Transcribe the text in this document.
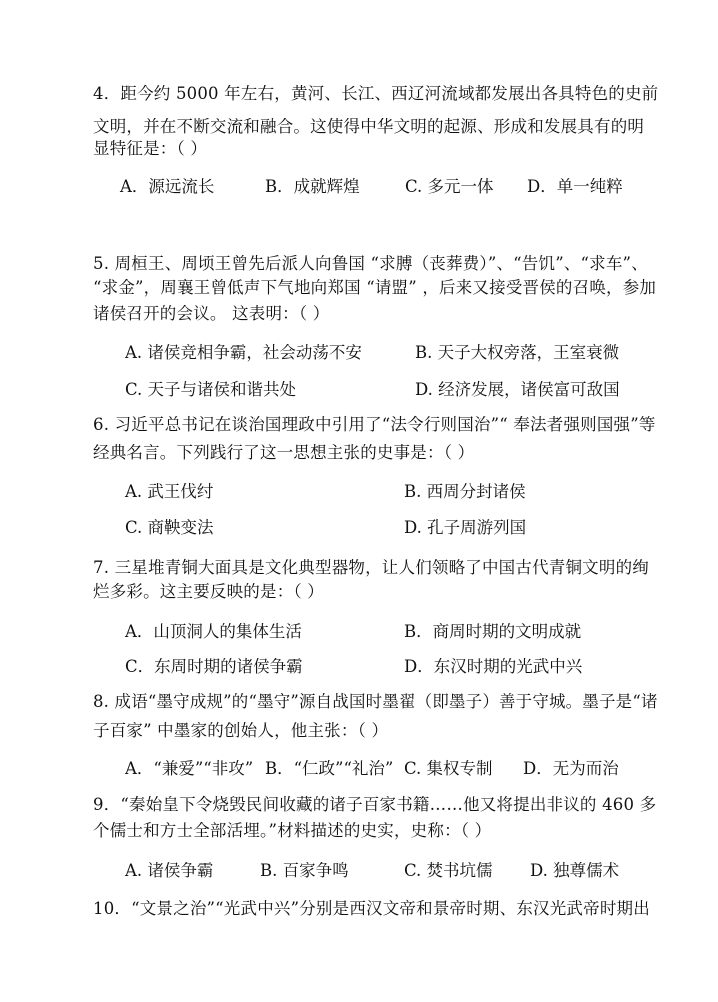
4．距今约 5000 年左右，黄河、长江、西辽河流域都发展出各具特色的史前
文明，并在不断交流和融合。这使得中华文明的起源、形成和发展具有的明
显特征是：（ ）
A．源远流长	B．成就辉煌	C. 多元一体 D．单一纯粹
5. 周桓王、周顷王曾先后派人向鲁国 “求膊（丧葬费）”、“告饥”、“求车”、
“求金”，周襄王曾低声下气地向郑国 “请盟” ，后来又接受晋侯的召唤，参加
诸侯召开的会议。 这表明：（ ）
A. 诸侯竞相争霸，社会动荡不安	B. 天子大权旁落，王室衰微
C. 天子与诸侯和谐共处	D. 经济发展，诸侯富可敌国
6. 习近平总书记在谈治国理政中引用了“法令行则国治”“ 奉法者强则国强”等
经典名言。下列践行了这一思想主张的史事是：（ ）
A. 武王伐纣	B. 西周分封诸侯
C. 商鞅变法	D. 孔子周游列国
7. 三星堆青铜大面具是文化典型器物，让人们领略了中国古代青铜文明的绚
烂多彩。这主要反映的是：（ ）
A．山顶洞人的集体生活	B．商周时期的文明成就
C．东周时期的诸侯争霸	D．东汉时期的光武中兴
8. 成语“墨守成规”的“墨守”源自战国时墨翟（即墨子）善于守城。墨子是“诸
子百家” 中墨家的创始人，他主张：（ ）
A．“兼爱”“非攻” B．“仁政”“礼治” C. 集权专制 D．无为而治
9．“秦始皇下令烧毁民间收藏的诸子百家书籍……他又将提出非议的 460 多
个儒士和方士全部活埋。”材料描述的史实，史称：（ ）
A. 诸侯争霸	B. 百家争鸣	C. 焚书坑儒 D. 独尊儒术
10．“文景之治”“光武中兴”分别是西汉文帝和景帝时期、东汉光武帝时期出
